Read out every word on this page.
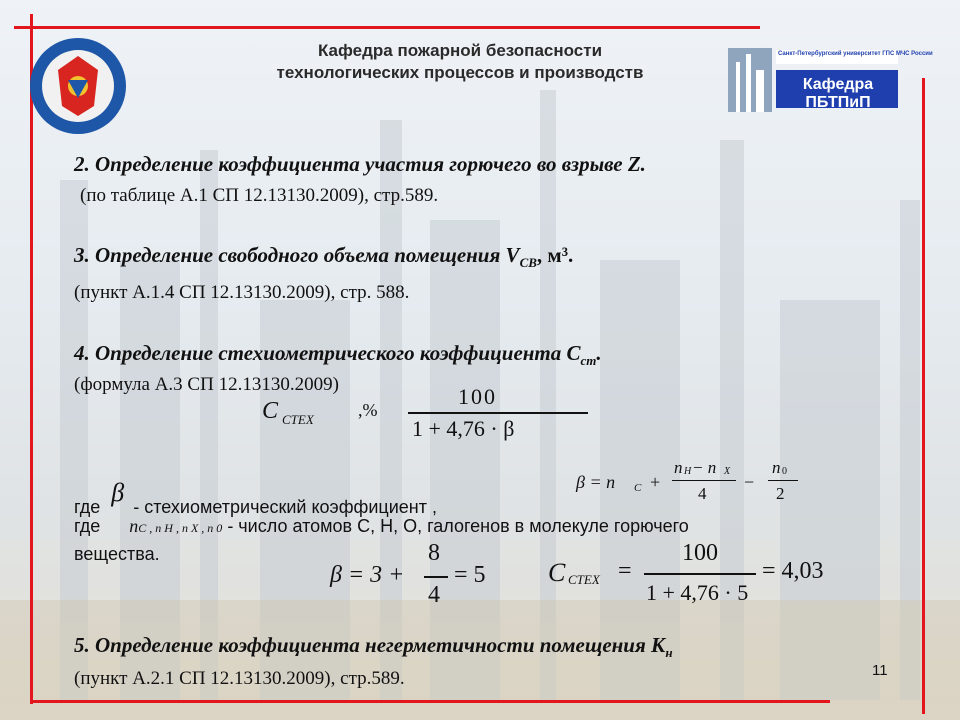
Кафедра пожарной безопасности
технологических процессов и производств
Санкт-Петербургский университет ГПС МЧС России
Кафедра ПБТПиП
2. Определение коэффициента участия горючего во взрыве Z.
(по таблице А.1 СП 12.13130.2009), стр.589.
3. Определение свободного объема помещения $V_{СВ}$, м³.
(пункт А.1.4 СП 12.13130.2009), стр. 588.
4. Определение стехиометрического коэффициента $С_{ст}$.
(формула А.3 СП 12.13130.2009)
C СТЕХ ,%
100
1 + 4,76 · β
β = n C +
n H − n X
4
−
n 0
2
где β - стехиометрический коэффициент ,
где nC , n H , n X , n 0 - число атомов С, Н, О, галогенов в молекуле горючего
вещества.
β = 3 +
8
4
= 5 C СТЕХ =
100
1 + 4,76 · 5
= 4,03
5. Определение коэффициента негерметичности помещения $К_н$
(пункт А.2.1 СП 12.13130.2009), стр.589.	11
